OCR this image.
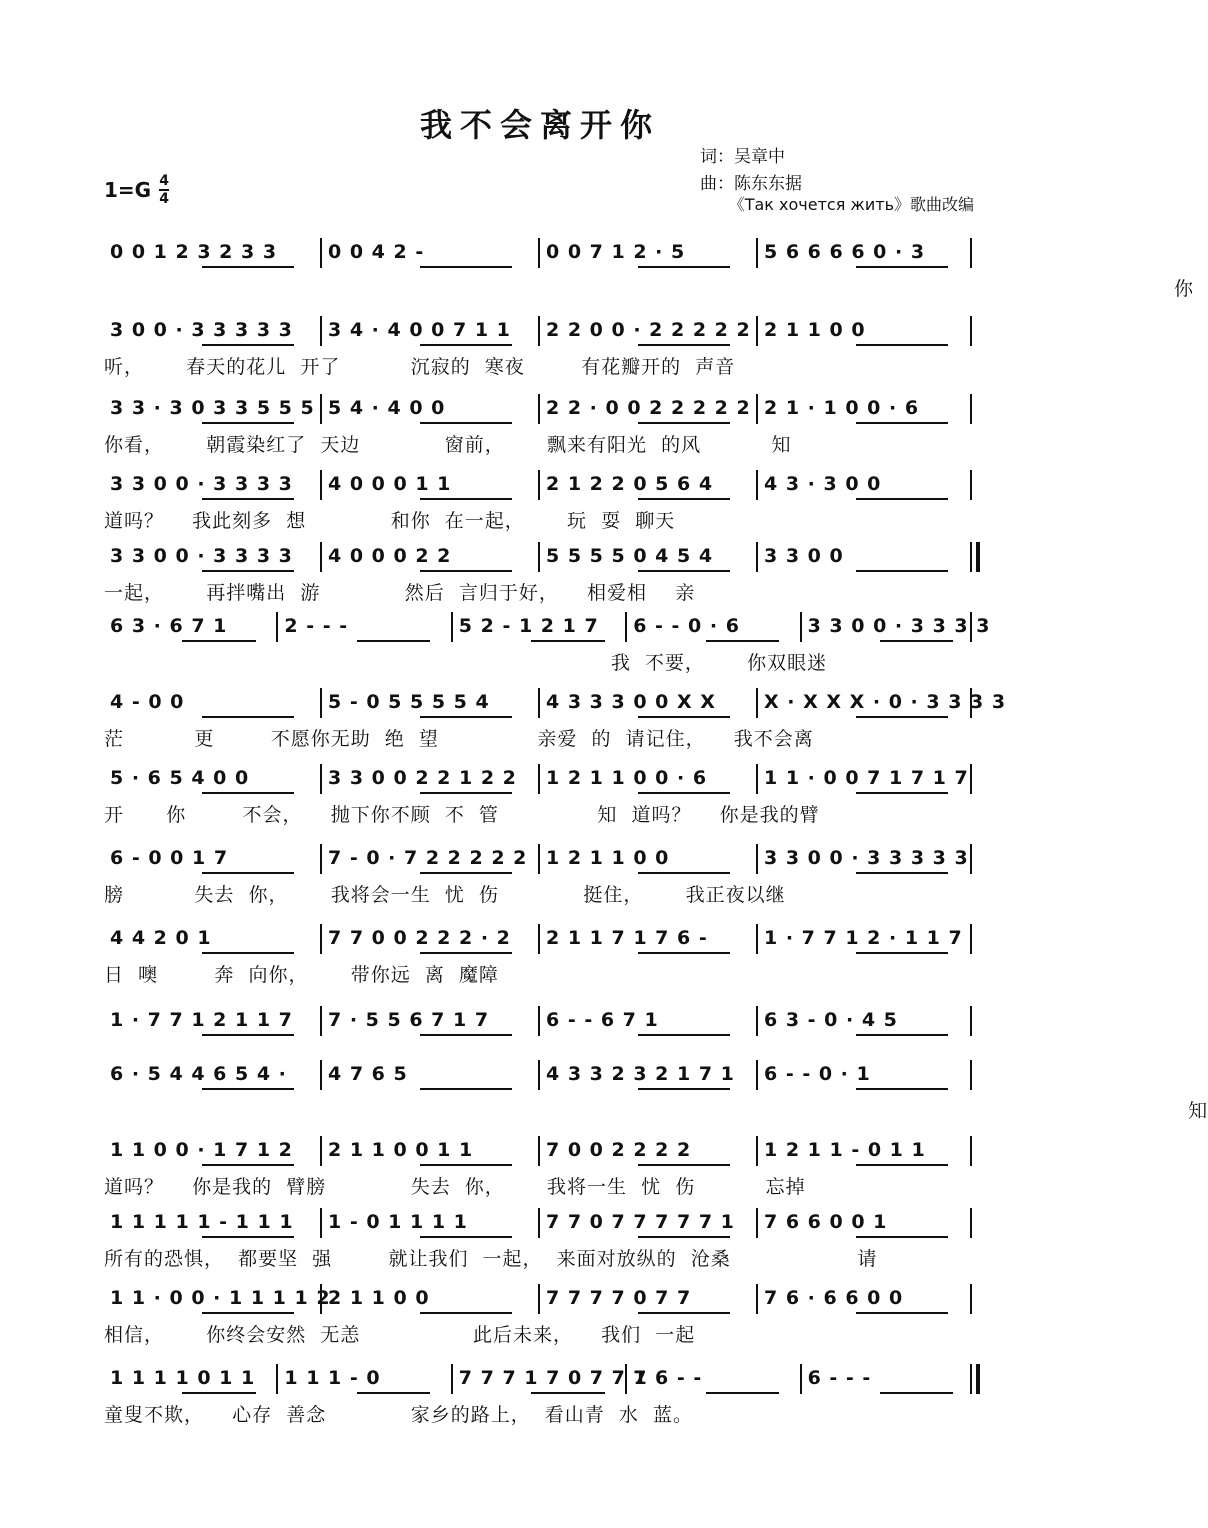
我不会离开你
词：吴章中
曲：陈东东据
《Так хочется жить》歌曲改编
1=G 4
4
0 0 1 2 3 2 3 3	0 0 4 2 -	0 0 7 1 2 · 5	5 6 6 6 6 0 · 3
你
3 0 0 · 3 3 3 3 3	3 4 · 4 0 0 7 1 1	2 2 0 0 · 2 2 2 2 2 2 1 1 0 0
听，      春天的花儿  开了          沉寂的  寒夜        有花瓣开的  声音
3 3 · 3 0 3 3 5 5 5 5 4 · 4 0 0	2 2 · 0 0 2 2 2 2 2 2 1 · 1 0 0 · 6
你看，      朝霞染红了  天边            窗前，      飘来有阳光  的风          知
3 3 0 0 · 3 3 3 3	4 0 0 0 1 1	2 1 2 2 0 5 6 4	4 3 · 3 0 0
道吗？    我此刻多  想            和你  在一起，      玩  耍  聊天
3 3 0 0 · 3 3 3 3	4 0 0 0 2 2	5 5 5 5 0 4 5 4	3 3 0 0
一起，      再拌嘴出  游            然后  言归于好，    相爱相    亲
6 3 · 6 7 1	2 - - -	5 2 - 1 2 1 7	6 - - 0 · 6	3 3 0 0 · 3 3 3 3
我  不要，      你双眼迷
4 - 0 0	5 - 0 5 5 5 5 4	4 3 3 3 0 0 X X	X · X X X · 0 · 3 3 3 3
茫          更        不愿你无助  绝  望              亲爱  的  请记住，    我不会离
5 · 6 5 4 0 0	3 3 0 0 2 2 1 2 2	1 2 1 1 0 0 · 6	1 1 · 0 0 7 1 7 1 7
开      你        不会，    抛下你不顾  不  管              知  道吗？    你是我的臂
6 - 0 0 1 7	7 - 0 · 7 2 2 2 2 2 1 2 1 1 0 0	3 3 0 0 · 3 3 3 3 3
膀          失去  你，      我将会一生  忧  伤            挺住，      我正夜以继
4 4 2 0 1	7 7 0 0 2 2 2 · 2	2 1 1 7 1 7 6 -	1 · 7 7 1 2 · 1 1 7
日  噢        奔  向你，      带你远  离  魔障
1 · 7 7 1 2 1 1 7	7 · 5 5 6 7 1 7	6 - - 6 7 1	6 3 - 0 · 4 5
6 · 5 4 4 6 5 4 ·	4 7 6 5	4 3 3 2 3 2 1 7 1	6 - - 0 · 1
知
1 1 0 0 · 1 7 1 2	2 1 1 0 0 1 1	7 0 0 2 2 2 2	1 2 1 1 - 0 1 1
道吗？    你是我的  臂膀            失去  你，      我将一生  忧  伤          忘掉
1 1 1 1 1 - 1 1 1	1 - 0 1 1 1 1	7 7 0 7 7 7 7 7 1	7 6 6 0 0 1
所有的恐惧，  都要坚  强        就让我们  一起，  来面对放纵的  沧桑                  请
1 1 · 0 0 · 1 1 1 1 2
2 1 1 0 0	7 7 7 7 0 7 7	7 6 · 6 6 0 0
相信，      你终会安然  无恙                此后未来，    我们  一起
1 1 1 1 0 1 1	1 1 1 - 0	7 7 7 1 7 0 7 7 1
7 6 - -	6 - - -
童叟不欺，    心存  善念            家乡的路上，  看山青  水  蓝。
